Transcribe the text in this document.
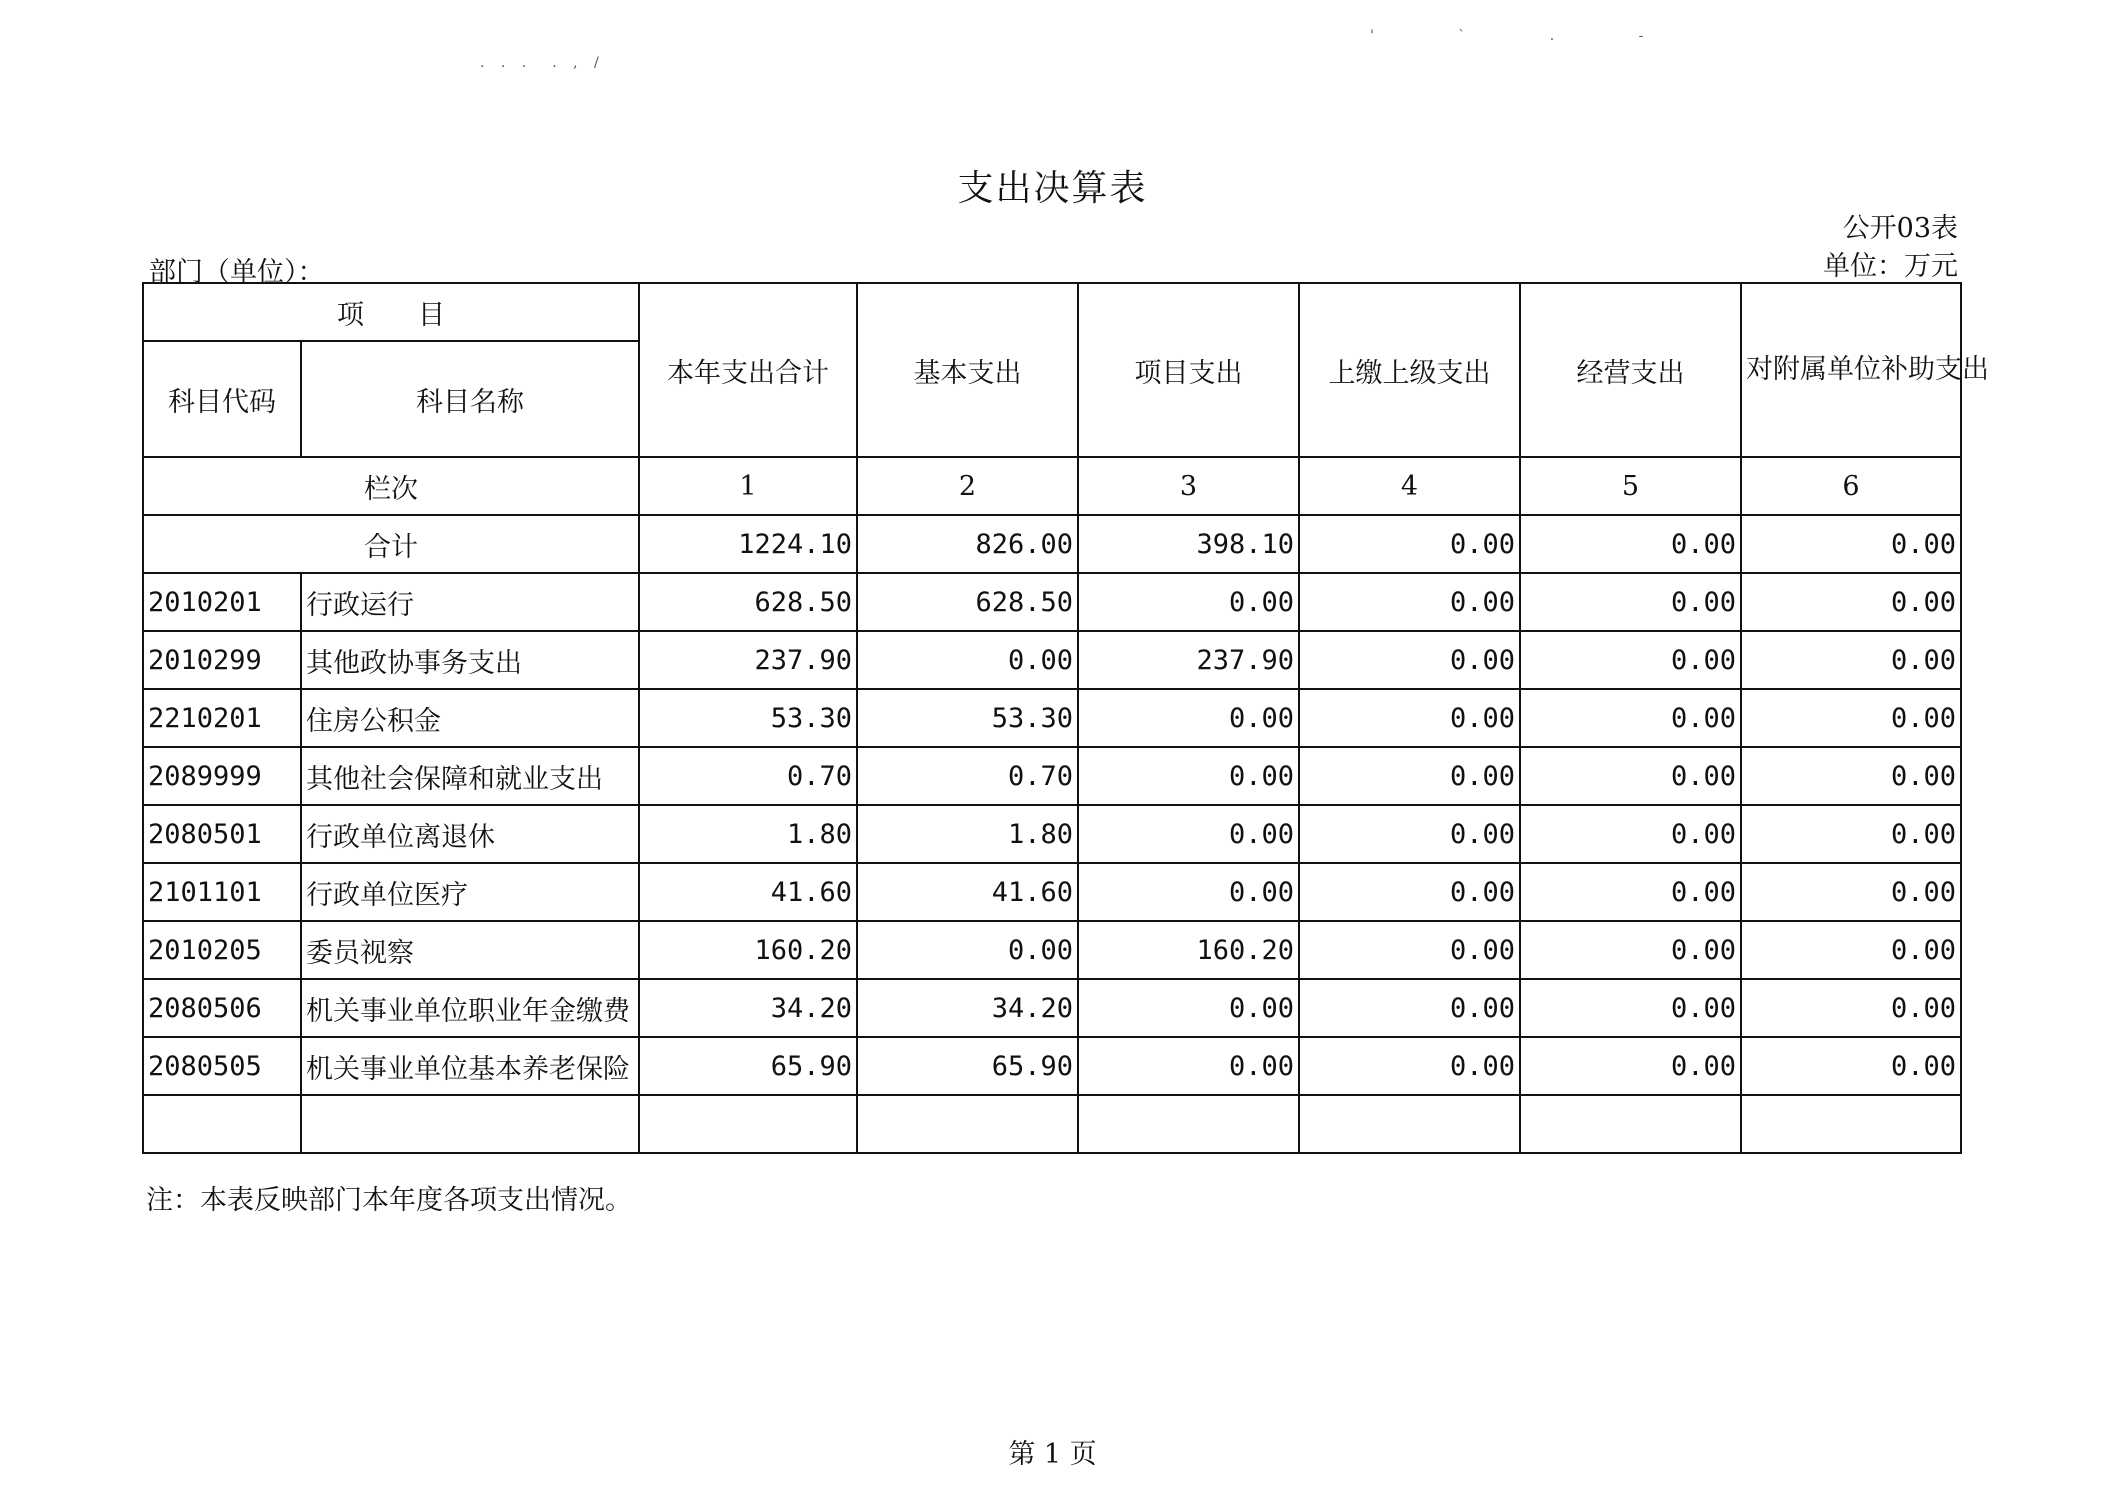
. . .　. , /
' ` . -
支出决算表
公开03表
单位：万元
部门（单位）：
项　　目		本年支出合计	基本支出	项目支出	上缴上级支出	经营支出	对附属单位补助支出
科目代码	科目名称						
栏次		1	2	3	4	5	6
合计		1224.10	826.00	398.10	0.00	0.00	0.00
2010201	行政运行	628.50	628.50	0.00	0.00	0.00	0.00
2010299	其他政协事务支出	237.90	0.00	237.90	0.00	0.00	0.00
2210201	住房公积金	53.30	53.30	0.00	0.00	0.00	0.00
2089999	其他社会保障和就业支出	0.70	0.70	0.00	0.00	0.00	0.00
2080501	行政单位离退休	1.80	1.80	0.00	0.00	0.00	0.00
2101101	行政单位医疗	41.60	41.60	0.00	0.00	0.00	0.00
2010205	委员视察	160.20	0.00	160.20	0.00	0.00	0.00
2080506	机关事业单位职业年金缴费	34.20	34.20	0.00	0.00	0.00	0.00
2080505	机关事业单位基本养老保险	65.90	65.90	0.00	0.00	0.00	0.00

注：本表反映部门本年度各项支出情况。
第 1 页
